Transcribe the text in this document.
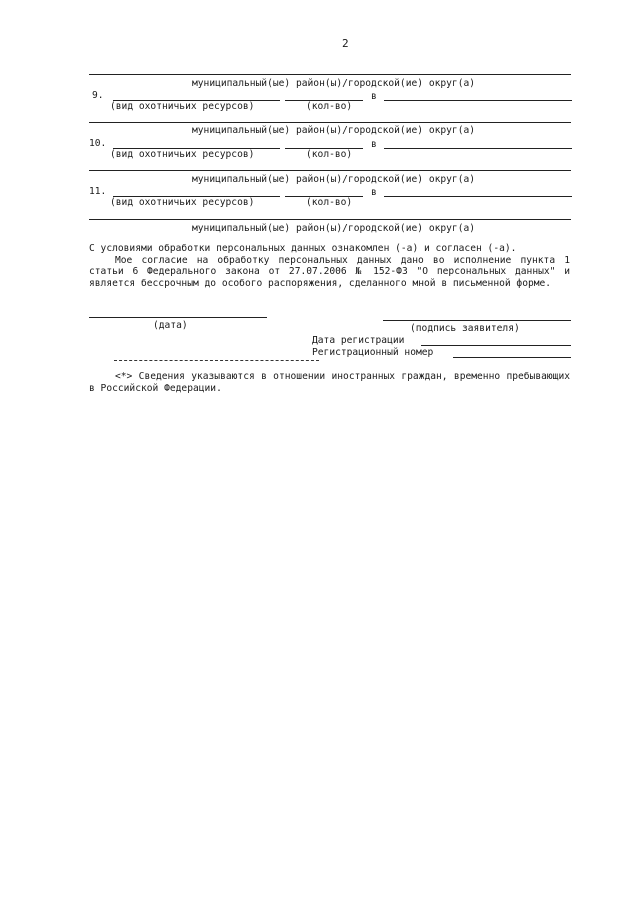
2
муниципальный(ые) район(ы)/городской(ие) округ(а)
9.	в
(вид охотничьих ресурсов)	(кол-во)
муниципальный(ые) район(ы)/городской(ие) округ(а)
10.	в
(вид охотничьих ресурсов)	(кол-во)
муниципальный(ые) район(ы)/городской(ие) округ(а)
11.	в
(вид охотничьих ресурсов)	(кол-во)
муниципальный(ые) район(ы)/городской(ие) округ(а)
С условиями обработки персональных данных ознакомлен (-а) и согласен (-а).
Мое согласие на обработку персональных данных дано во исполнение пункта 1 статьи 6 Федерального закона от 27.07.2006 № 152-ФЗ "О персональных данных" и является бессрочным до особого распоряжения, сделанного мной в письменной форме.
(дата)	(подпись заявителя)
Дата регистрации
Регистрационный номер
<*> Сведения указываются в отношении иностранных граждан, временно пребывающих в Российской Федерации.
